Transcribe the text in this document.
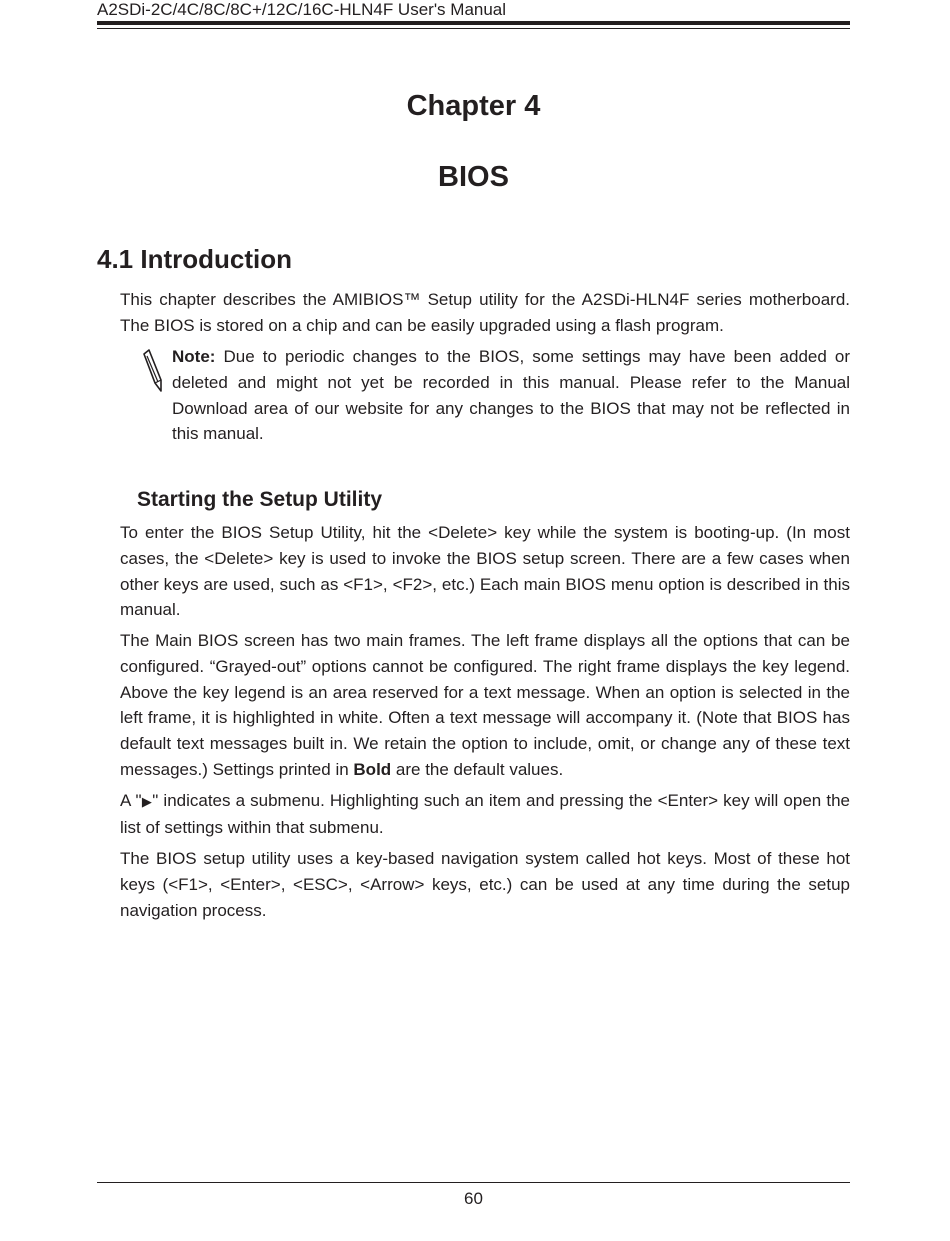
A2SDi-2C/4C/8C/8C+/12C/16C-HLN4F User's Manual
Chapter 4
BIOS
4.1 Introduction

This chapter describes the AMIBIOS™ Setup utility for the A2SDi-HLN4F series motherboard. The BIOS is stored on a chip and can be easily upgraded using a flash program.

Note: Due to periodic changes to the BIOS, some settings may have been added or deleted and might not yet be recorded in this manual. Please refer to the Manual Download area of our website for any changes to the BIOS that may not be reflected in this manual.

Starting the Setup Utility

To enter the BIOS Setup Utility, hit the <Delete> key while the system is booting-up. (In most cases, the <Delete> key is used to invoke the BIOS setup screen. There are a few cases when other keys are used, such as <F1>, <F2>, etc.) Each main BIOS menu option is described in this manual.

The Main BIOS screen has two main frames. The left frame displays all the options that can be configured. “Grayed-out” options cannot be configured. The right frame displays the key legend. Above the key legend is an area reserved for a text message. When an option is selected in the left frame, it is highlighted in white. Often a text message will accompany it. (Note that BIOS has default text messages built in. We retain the option to include, omit, or change any of these text messages.) Settings printed in Bold are the default values.

A "▶" indicates a submenu. Highlighting such an item and pressing the <Enter> key will open the list of settings within that submenu.

The BIOS setup utility uses a key-based navigation system called hot keys. Most of these hot keys (<F1>, <Enter>, <ESC>, <Arrow> keys, etc.) can be used at any time during the setup navigation process.

60
